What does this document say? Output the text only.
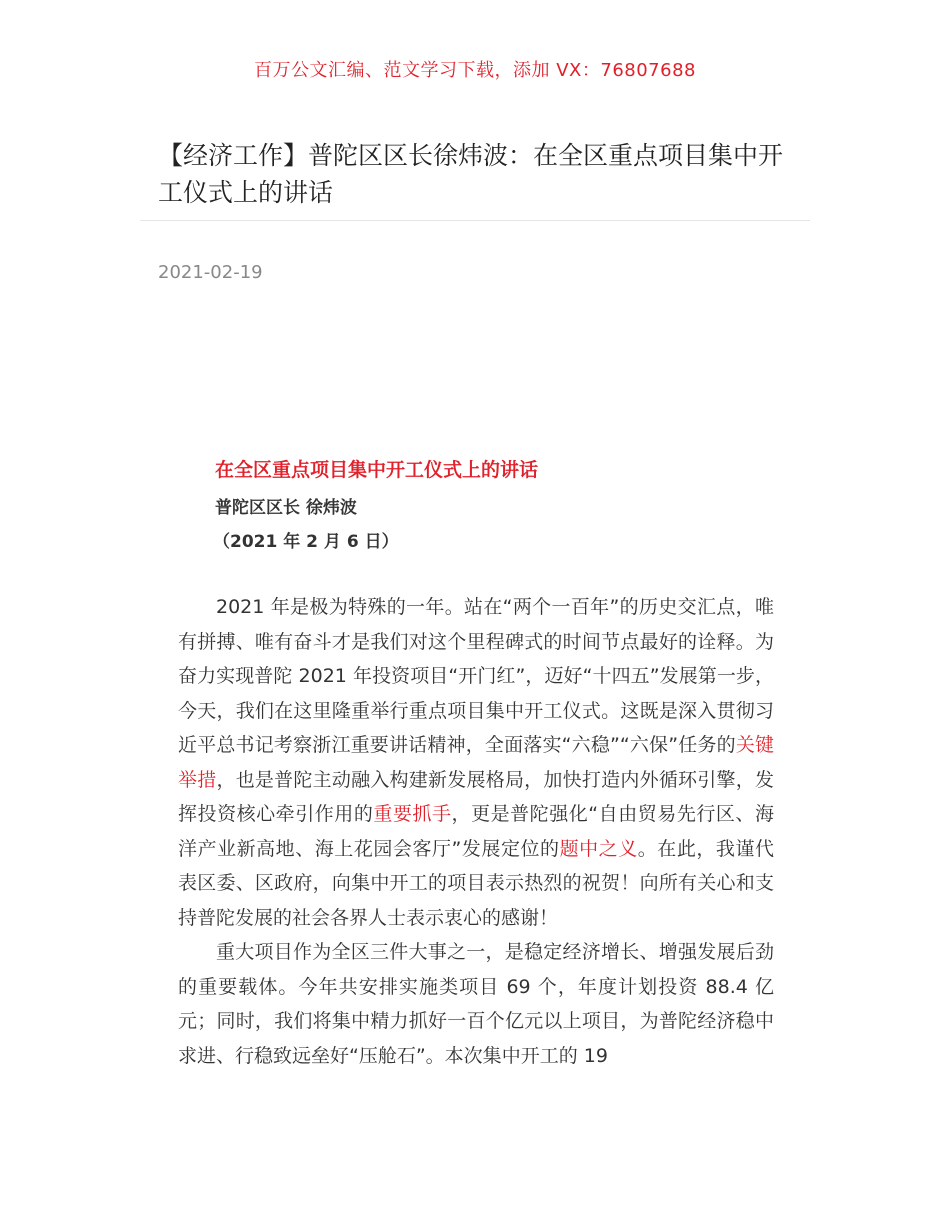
百万公文汇编、范文学习下载，添加 VX：76807688
【经济工作】普陀区区长徐炜波：在全区重点项目集中开工仪式上的讲话
2021-02-19
在全区重点项目集中开工仪式上的讲话
普陀区区长 徐炜波
（2021 年 2 月 6 日）

2021 年是极为特殊的一年。站在“两个一百年”的历史交汇点，唯有拼搏、唯有奋斗才是我们对这个里程碑式的时间节点最好的诠释。为奋力实现普陀 2021 年投资项目“开门红”，迈好“十四五”发展第一步，今天，我们在这里隆重举行重点项目集中开工仪式。这既是深入贯彻习近平总书记考察浙江重要讲话精神，全面落实“六稳”“六保”任务的关键举措，也是普陀主动融入构建新发展格局，加快打造内外循环引擎，发挥投资核心牵引作用的重要抓手，更是普陀强化“自由贸易先行区、海洋产业新高地、海上花园会客厅”发展定位的题中之义。在此，我谨代表区委、区政府，向集中开工的项目表示热烈的祝贺！向所有关心和支持普陀发展的社会各界人士表示衷心的感谢！

重大项目作为全区三件大事之一，是稳定经济增长、增强发展后劲的重要载体。今年共安排实施类项目 69 个，年度计划投资 88.4 亿元；同时，我们将集中精力抓好一百个亿元以上项目，为普陀经济稳中求进、行稳致远垒好“压舱石”。本次集中开工的 19
